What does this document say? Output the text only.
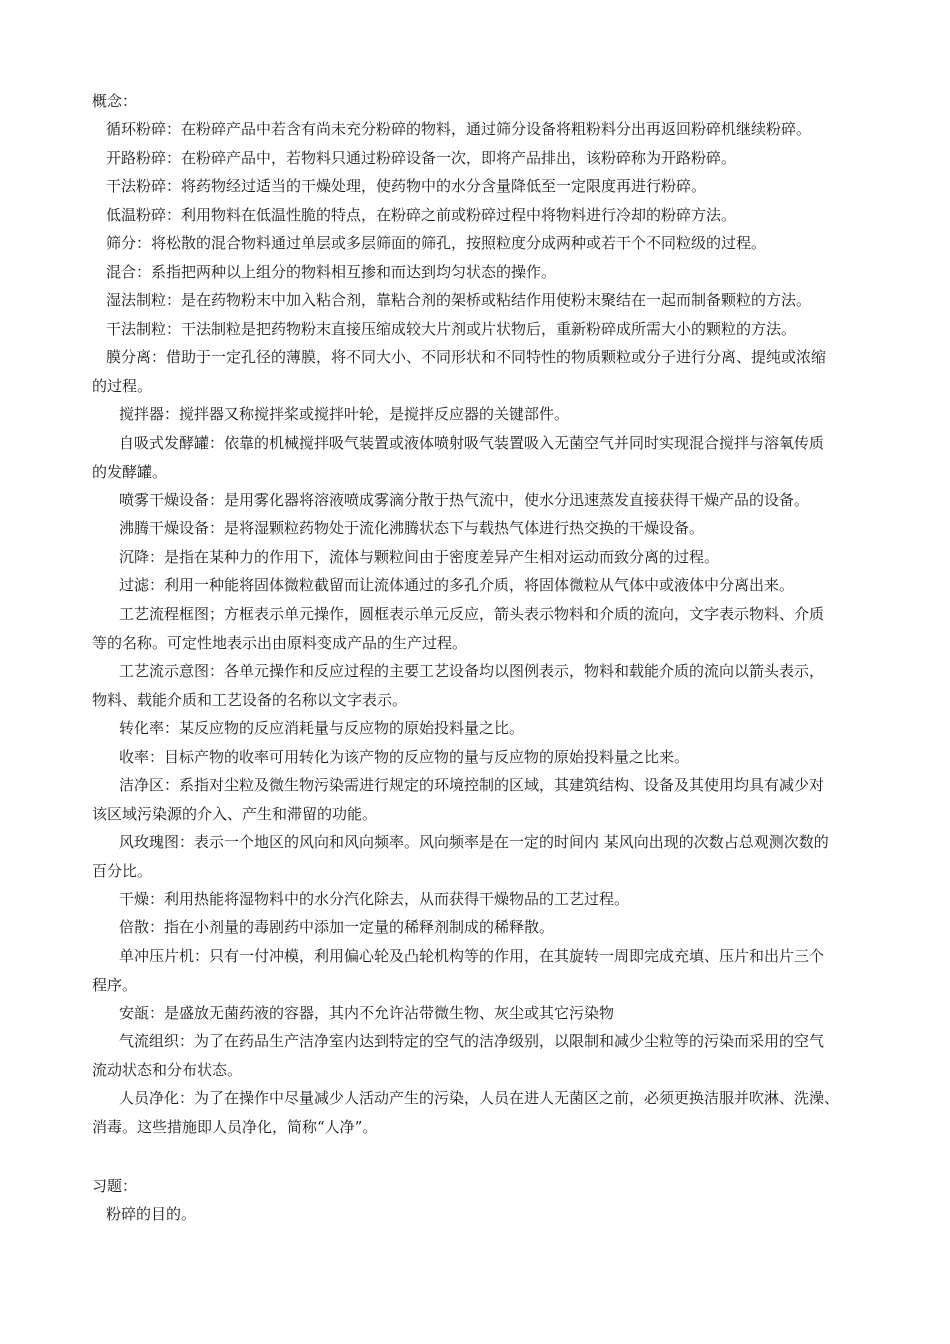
概念：
循环粉碎：在粉碎产品中若含有尚未充分粉碎的物料，通过筛分设备将粗粉料分出再返回粉碎机继续粉碎。
开路粉碎：在粉碎产品中，若物料只通过粉碎设备一次，即将产品排出，该粉碎称为开路粉碎。
干法粉碎：将药物经过适当的干燥处理，使药物中的水分含量降低至一定限度再进行粉碎。
低温粉碎：利用物料在低温性脆的特点，在粉碎之前或粉碎过程中将物料进行冷却的粉碎方法。
筛分：将松散的混合物料通过单层或多层筛面的筛孔，按照粒度分成两种或若干个不同粒级的过程。
混合：系指把两种以上组分的物料相互掺和而达到均匀状态的操作。
湿法制粒：是在药物粉末中加入粘合剂，靠粘合剂的架桥或粘结作用使粉末聚结在一起而制备颗粒的方法。
干法制粒：干法制粒是把药物粉末直接压缩成较大片剂或片状物后，重新粉碎成所需大小的颗粒的方法。
膜分离：借助于一定孔径的薄膜，将不同大小、不同形状和不同特性的物质颗粒或分子进行分离、提纯或浓缩
的过程。
搅拌器：搅拌器又称搅拌桨或搅拌叶轮，是搅拌反应器的关键部件。
自吸式发酵罐：依靠的机械搅拌吸气装置或液体喷射吸气装置吸入无菌空气并同时实现混合搅拌与溶氧传质
的发酵罐。
喷雾干燥设备：是用雾化器将溶液喷成雾滴分散于热气流中，使水分迅速蒸发直接获得干燥产品的设备。
沸腾干燥设备：是将湿颗粒药物处于流化沸腾状态下与载热气体进行热交换的干燥设备。
沉降：是指在某种力的作用下，流体与颗粒间由于密度差异产生相对运动而致分离的过程。
过滤：利用一种能将固体微粒截留而让流体通过的多孔介质，将固体微粒从气体中或液体中分离出来。
工艺流程框图；方框表示单元操作，圆框表示单元反应，箭头表示物料和介质的流向，文字表示物料、介质
等的名称。可定性地表示出由原料变成产品的生产过程。
工艺流示意图：各单元操作和反应过程的主要工艺设备均以图例表示，物料和载能介质的流向以箭头表示，
物料、载能介质和工艺设备的名称以文字表示。
转化率：某反应物的反应消耗量与反应物的原始投料量之比。
收率：目标产物的收率可用转化为该产物的反应物的量与反应物的原始投料量之比来。
洁净区：系指对尘粒及微生物污染需进行规定的环境控制的区域，其建筑结构、设备及其使用均具有减少对
该区域污染源的介入、产生和滞留的功能。
风玫瑰图：表示一个地区的风向和风向频率。风向频率是在一定的时间内 某风向出现的次数占总观测次数的
百分比。
干燥：利用热能将湿物料中的水分汽化除去，从而获得干燥物品的工艺过程。
倍散：指在小剂量的毒剧药中添加一定量的稀释剂制成的稀释散。
单冲压片机：只有一付冲模，利用偏心轮及凸轮机构等的作用，在其旋转一周即完成充填、压片和出片三个
程序。
安瓿：是盛放无菌药液的容器，其内不允许沾带微生物、灰尘或其它污染物
气流组织：为了在药品生产洁净室内达到特定的空气的洁净级别，以限制和减少尘粒等的污染而采用的空气
流动状态和分布状态。
人员净化：为了在操作中尽量减少人活动产生的污染，人员在进人无菌区之前，必须更换洁服并吹淋、洗澡、
消毒。这些措施即人员净化，简称“人净”。
习题：
粉碎的目的。
